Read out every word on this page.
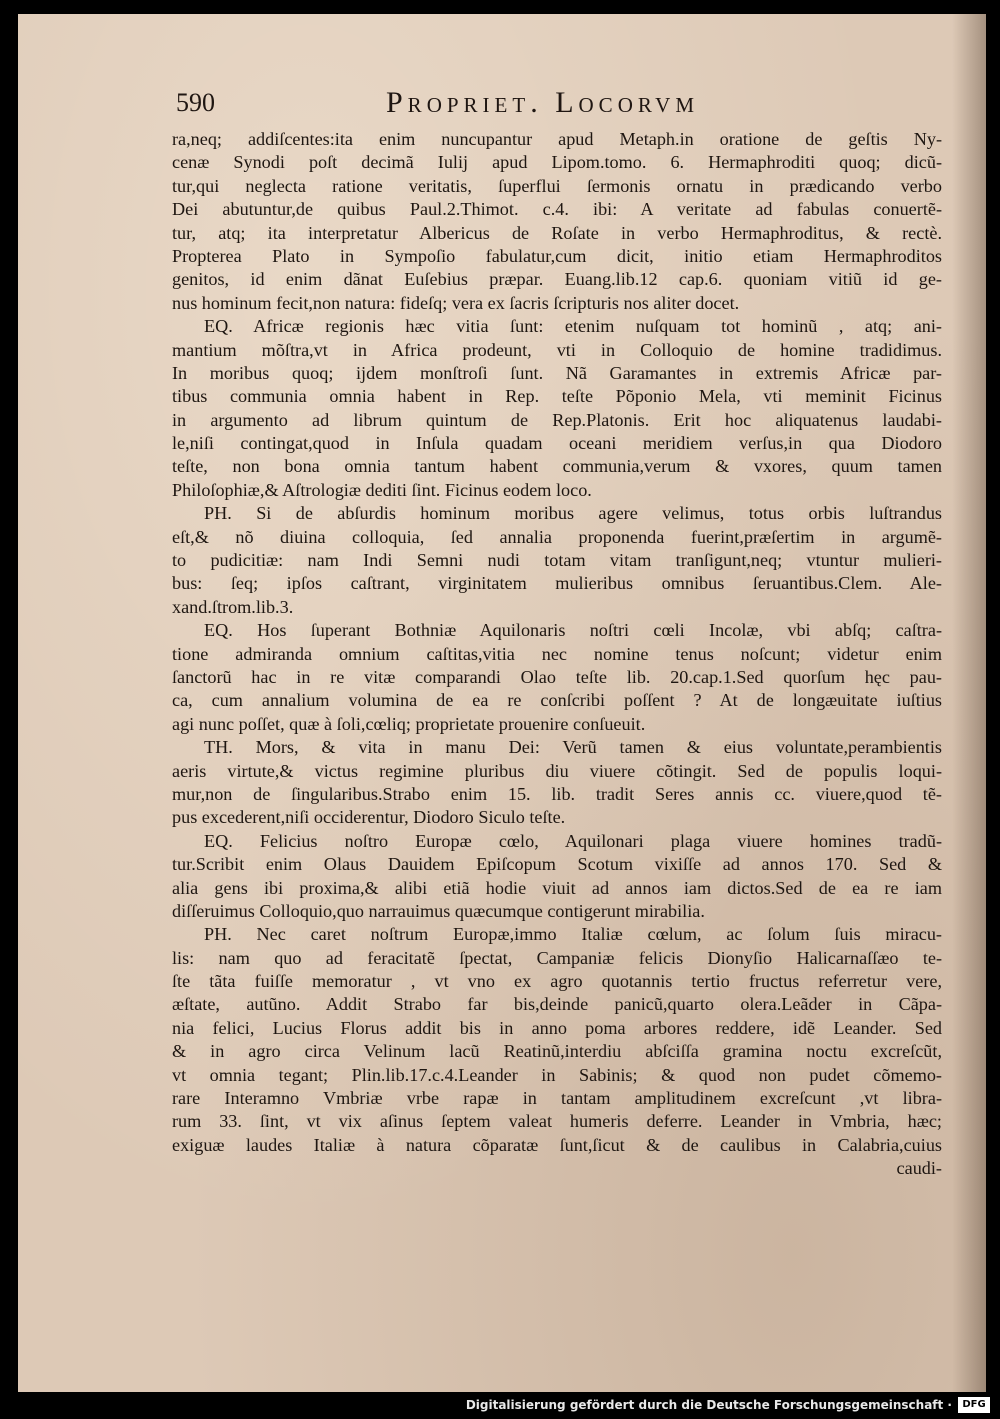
590	Propriet. Locorvm
ra,neq; addiſcentes:ita enim nuncupantur apud Metaph.in oratione de geſtis Ny-
cenæ Synodi poſt decimã Iulij apud Lipom.tomo. 6. Hermaphroditi quoq; dicũ-
tur,qui neglecta ratione veritatis, ſuperflui ſermonis ornatu in prædicando verbo
Dei abutuntur,de quibus Paul.2.Thimot. c.4. ibi: A veritate ad fabulas conuertẽ-
tur, atq; ita interpretatur Albericus de Roſate in verbo Hermaphroditus, & rectè.
Propterea Plato in Sympoſio fabulatur,cum dicit, initio etiam Hermaphroditos
genitos, id enim dãnat Euſebius præpar. Euang.lib.12 cap.6. quoniam vitiũ id ge-
nus hominum fecit,non natura: fideſq; vera ex ſacris ſcripturis nos aliter docet.
EQ. Africæ regionis hæc vitia ſunt: etenim nuſquam tot hominũ , atq; ani-
mantium mõſtra,vt in Africa prodeunt, vti in Colloquio de homine tradidimus.
In moribus quoq; ijdem monſtroſi ſunt. Nã Garamantes in extremis Africæ par-
tibus communia omnia habent in Rep. teſte Põponio Mela, vti meminit Ficinus
in argumento ad librum quintum de Rep.Platonis. Erit hoc aliquatenus laudabi-
le,niſi contingat,quod in Inſula quadam oceani meridiem verſus,in qua Diodoro
teſte, non bona omnia tantum habent communia,verum & vxores, quum tamen
Philoſophiæ,& Aſtrologiæ dediti ſint. Ficinus eodem loco.
PH. Si de abſurdis hominum moribus agere velimus, totus orbis luſtrandus
eſt,& nõ diuina colloquia, ſed annalia proponenda fuerint,præſertim in argumẽ-
to pudicitiæ: nam Indi Semni nudi totam vitam tranſigunt,neq; vtuntur mulieri-
bus: ſeq; ipſos caſtrant, virginitatem mulieribus omnibus ſeruantibus.Clem. Ale-
xand.ſtrom.lib.3.
EQ. Hos ſuperant Bothniæ Aquilonaris noſtri cœli Incolæ, vbi abſq; caſtra-
tione admiranda omnium caſtitas,vitia nec nomine tenus noſcunt; videtur enim
ſanctorũ hac in re vitæ comparandi Olao teſte lib. 20.cap.1.Sed quorſum hęc pau-
ca, cum annalium volumina de ea re conſcribi poſſent ? At de longæuitate iuſtius
agi nunc poſſet, quæ à ſoli,cœliq; proprietate prouenire conſueuit.
TH. Mors, & vita in manu Dei: Verũ tamen & eius voluntate,perambientis
aeris virtute,& victus regimine pluribus diu viuere cõtingit. Sed de populis loqui-
mur,non de ſingularibus.Strabo enim 15. lib. tradit Seres annis cc. viuere,quod tẽ-
pus excederent,niſi occiderentur, Diodoro Siculo teſte.
EQ. Felicius noſtro Europæ cœlo, Aquilonari plaga viuere homines tradũ-
tur.Scribit enim Olaus Dauidem Epiſcopum Scotum vixiſſe ad annos 170. Sed &
alia gens ibi proxima,& alibi etiã hodie viuit ad annos iam dictos.Sed de ea re iam
diſſeruimus Colloquio,quo narrauimus quæcumque contigerunt mirabilia.
PH. Nec caret noſtrum Europæ,immo Italiæ cœlum, ac ſolum ſuis miracu-
lis: nam quo ad feracitatẽ ſpectat, Campaniæ felicis Dionyſio Halicarnaſſæo te-
ſte tãta fuiſſe memoratur , vt vno ex agro quotannis tertio fructus referretur vere,
æſtate, autũno. Addit Strabo far bis,deinde panicũ,quarto olera.Leãder in Cãpa-
nia felici, Lucius Florus addit bis in anno poma arbores reddere, idẽ Leander. Sed
& in agro circa Velinum lacũ Reatinũ,interdiu abſciſſa gramina noctu excreſcũt,
vt omnia tegant; Plin.lib.17.c.4.Leander in Sabinis; & quod non pudet cõmemo-
rare Interamno Vmbriæ vrbe rapæ in tantam amplitudinem excreſcunt ,vt libra-
rum 33. ſint, vt vix aſinus ſeptem valeat humeris deferre. Leander in Vmbria, hæc;
exiguæ laudes Italiæ à natura cõparatæ ſunt,ſicut & de caulibus in Calabria,cuius
caudi-
Digitalisierung gefördert durch die Deutsche Forschungsgemeinschaft ·	DFG
